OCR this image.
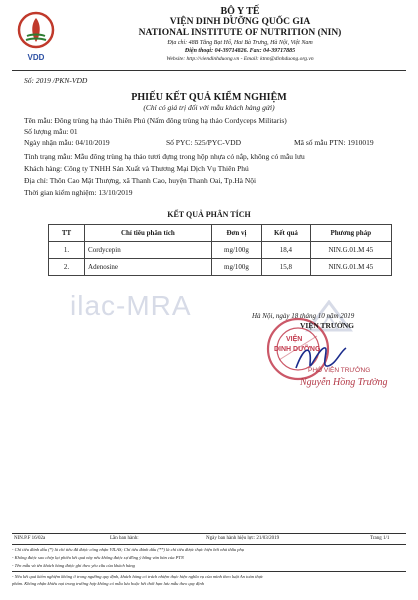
VDD
BỘ Y TẾ
VIỆN DINH DƯỠNG QUỐC GIA
NATIONAL INSTITUTE OF NUTRITION (NIN)
Địa chỉ: 48B Tăng Bạt Hổ, Hai Bà Trưng, Hà Nội, Việt Nam
Điện thoại: 04-39714826. Fax: 04-39717885
Website: http://viendinhduong.vn - Email: ktnn@dinhduong.org.vn
Số: 2019 /PKN-VDD
PHIẾU KẾT QUẢ KIỂM NGHIỆM
(Chỉ có giá trị đối với mẫu khách hàng gửi)
Tên mẫu: Đông trùng hạ thảo Thiên Phú (Nấm đông trùng hạ thảo Cordyceps Militaris)
Số lượng mẫu: 01
Ngày nhận mẫu: 04/10/2019	Số PYC: 525/PYC-VDD	Mã số mẫu PTN: 1910019
Tình trạng mẫu: Mẫu đông trùng hạ thảo tươi đựng trong hộp nhựa có nắp, không có mẫu lưu
Khách hàng: Công ty TNHH Sản Xuất và Thương Mại Dịch Vụ Thiên Phú
Địa chỉ: Thôn Cao Mật Thượng, xã Thanh Cao, huyện Thanh Oai, Tp.Hà Nội
Thời gian kiểm nghiệm: 13/10/2019
KẾT QUẢ PHÂN TÍCH
TT	Chỉ tiêu phân tích	Đơn vị	Kết quả	Phương pháp
1.	Cordycepin	mg/100g	18,4	NIN.G.01.M 45
2.	Adenosine	mg/100g	15,8	NIN.G.01.M 45
ilac-MRA	Hà Nội, ngày 18 tháng 10 năm 2019
VIỆN
DINH DƯỠNG
VIỆN TRƯỞNG
PHÓ VIỆN TRƯỞNG
Nguyễn Hồng Trường
NIN.P.F 16/02a	Lần ban hành:	Ngày ban hành hiệu lực: 21/03/2019	Trang 1/1
- Chỉ tiêu đánh dấu (*) là chỉ tiêu đã được công nhận VILAS; Chỉ tiêu đánh dấu (**) là chỉ tiêu được thực hiện bởi nhà thầu phụ
- Không được sao chép lại phiếu kết quả này nếu không được sự đồng ý bằng văn bản của PTN
- Tên mẫu và tên khách hàng được ghi theo yêu cầu của khách hàng
- Nếu kết quả kiểm nghiệm không ở trong ngưỡng quy định, khách hàng có trách nhiệm thực hiện nghĩa vụ của mình theo luật An toàn thực
phẩm. Không nhận khiếu nại trong trường hợp không có mẫu lưu hoặc hết thời hạn lưu mẫu theo quy định
